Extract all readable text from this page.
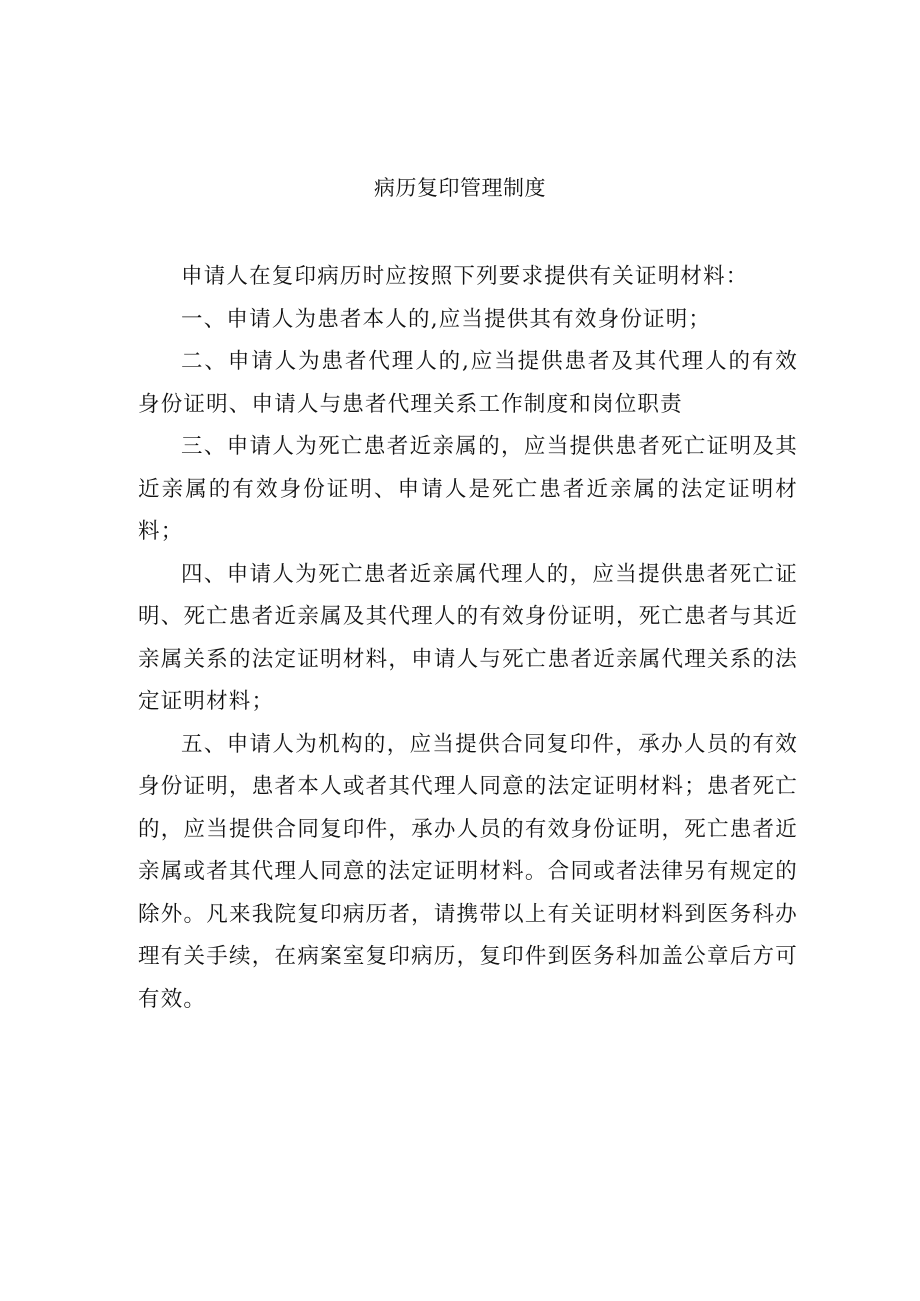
病历复印管理制度

申请人在复印病历时应按照下列要求提供有关证明材料：

一、申请人为患者本人的,应当提供其有效身份证明；

二、申请人为患者代理人的,应当提供患者及其代理人的有效身份证明、申请人与患者代理关系工作制度和岗位职责

三、申请人为死亡患者近亲属的，应当提供患者死亡证明及其近亲属的有效身份证明、申请人是死亡患者近亲属的法定证明材料；

四、申请人为死亡患者近亲属代理人的，应当提供患者死亡证明、死亡患者近亲属及其代理人的有效身份证明，死亡患者与其近亲属关系的法定证明材料，申请人与死亡患者近亲属代理关系的法定证明材料；

五、申请人为机构的，应当提供合同复印件，承办人员的有效身份证明，患者本人或者其代理人同意的法定证明材料；患者死亡的，应当提供合同复印件，承办人员的有效身份证明，死亡患者近亲属或者其代理人同意的法定证明材料。合同或者法律另有规定的除外。凡来我院复印病历者，请携带以上有关证明材料到医务科办理有关手续，在病案室复印病历，复印件到医务科加盖公章后方可有效。
